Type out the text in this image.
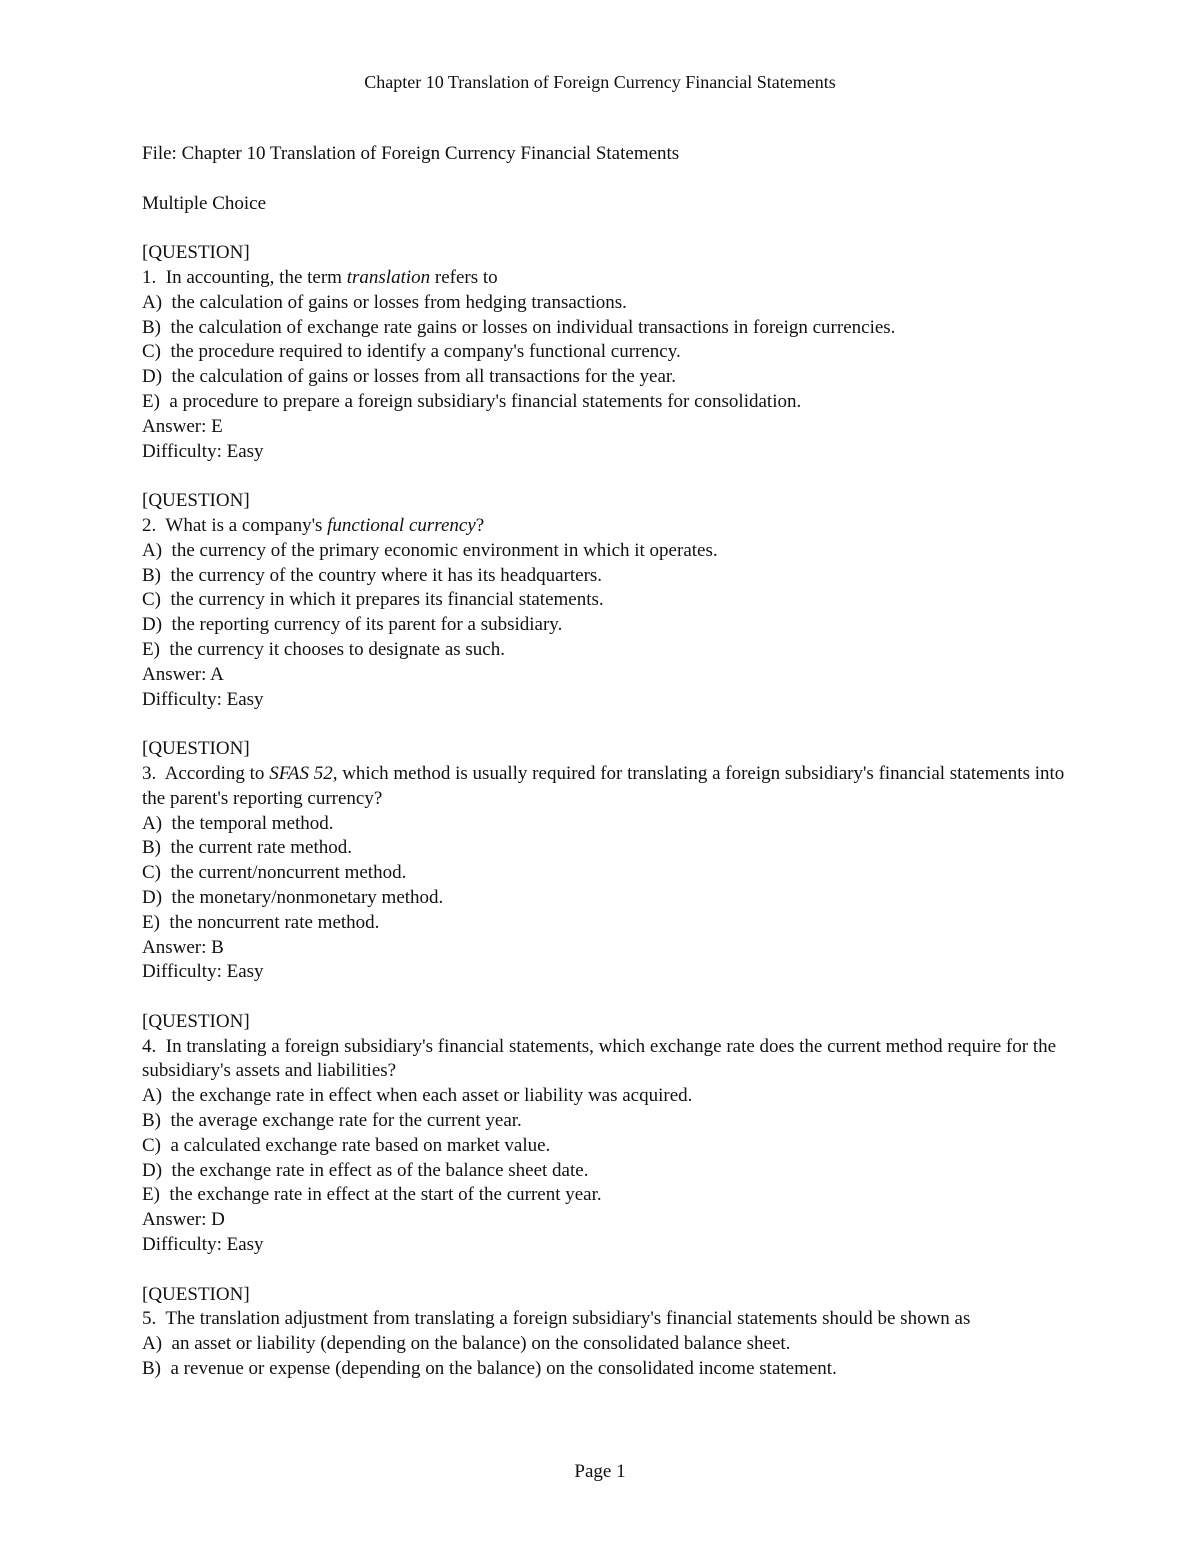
Chapter 10 Translation of Foreign Currency Financial Statements

File: Chapter 10 Translation of Foreign Currency Financial Statements

Multiple Choice

[QUESTION]

1. In accounting, the term translation refers to

A)  the calculation of gains or losses from hedging transactions.

B)  the calculation of exchange rate gains or losses on individual transactions in foreign currencies.

C)  the procedure required to identify a company's functional currency.

D)  the calculation of gains or losses from all transactions for the year.

E)  a procedure to prepare a foreign subsidiary's financial statements for consolidation.

Answer: E

Difficulty: Easy

[QUESTION]

2. What is a company's functional currency?

A)  the currency of the primary economic environment in which it operates.

B)  the currency of the country where it has its headquarters.

C)  the currency in which it prepares its financial statements.

D)  the reporting currency of its parent for a subsidiary.

E)  the currency it chooses to designate as such.

Answer: A

Difficulty: Easy

[QUESTION]

3. According to SFAS 52, which method is usually required for translating a foreign subsidiary's financial statements into the parent's reporting currency?

A)  the temporal method.

B)  the current rate method.

C)  the current/noncurrent method.

D)  the monetary/nonmonetary method.

E)  the noncurrent rate method.

Answer: B

Difficulty: Easy

[QUESTION]

4. In translating a foreign subsidiary's financial statements, which exchange rate does the current method require for the subsidiary's assets and liabilities?

A)  the exchange rate in effect when each asset or liability was acquired.

B)  the average exchange rate for the current year.

C)  a calculated exchange rate based on market value.

D)  the exchange rate in effect as of the balance sheet date.

E)  the exchange rate in effect at the start of the current year.

Answer: D

Difficulty: Easy

[QUESTION]

5. The translation adjustment from translating a foreign subsidiary's financial statements should be shown as

A)  an asset or liability (depending on the balance) on the consolidated balance sheet.

B)  a revenue or expense (depending on the balance) on the consolidated income statement.

Page 1
